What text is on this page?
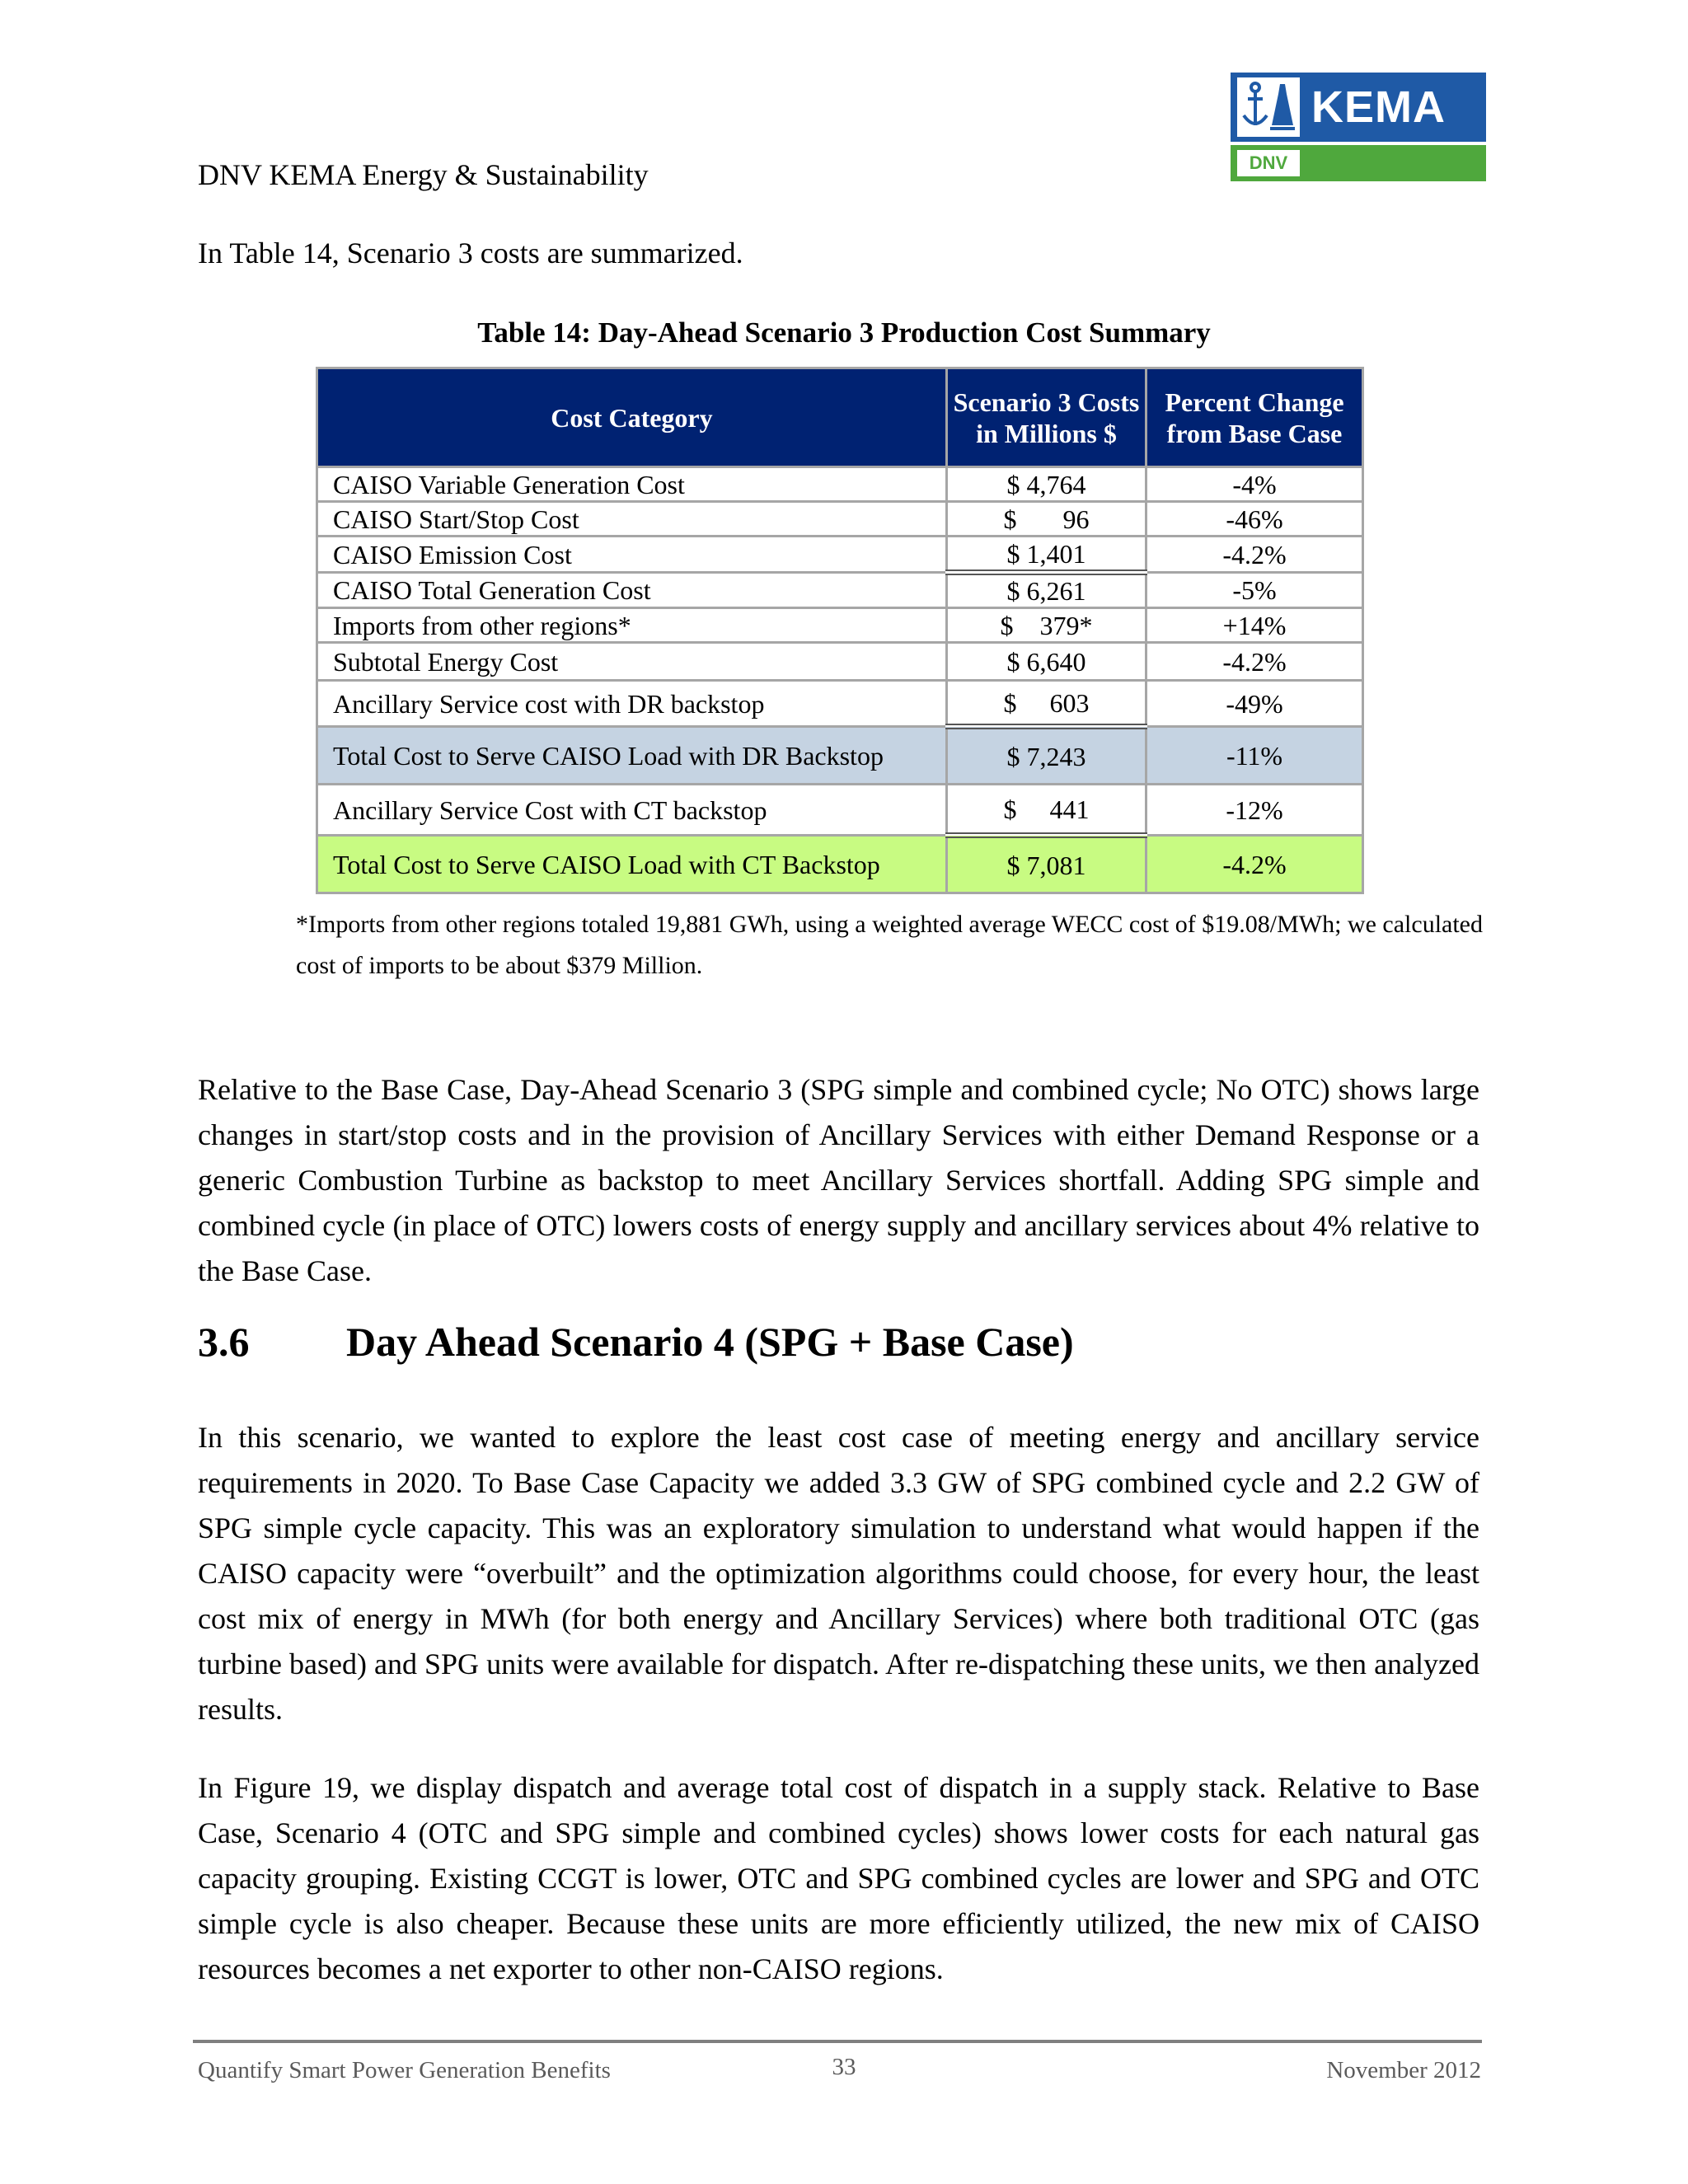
DNV KEMA Energy & Sustainability
KEMA
DNV
In Table 14, Scenario 3 costs are summarized.
Table 14: Day-Ahead Scenario 3 Production Cost Summary
Cost Category	Scenario 3 Costs in Millions $	Percent Change from Base Case
CAISO Variable Generation Cost	$ 4,764	-4%
CAISO Start/Stop Cost	$       96	-46%
CAISO Emission Cost	$ 1,401	-4.2%
CAISO Total Generation Cost	$ 6,261	-5%
Imports from other regions*	$    379*	+14%
Subtotal Energy Cost	$ 6,640	-4.2%
Ancillary Service cost with DR backstop	$     603	-49%
Total Cost to Serve CAISO Load with DR Backstop	$ 7,243	-11%
Ancillary Service Cost with CT backstop	$     441	-12%
Total Cost to Serve CAISO Load with CT Backstop	$ 7,081	-4.2%
*Imports from other regions totaled 19,881 GWh, using a weighted average WECC cost of $19.08/MWh; we calculated cost of imports to be about $379 Million.
Relative to the Base Case, Day-Ahead Scenario 3 (SPG simple and combined cycle; No OTC) shows large changes in start/stop costs and in the provision of Ancillary Services with either Demand Response or a generic Combustion Turbine as backstop to meet Ancillary Services shortfall. Adding SPG simple and combined cycle (in place of OTC) lowers costs of energy supply and ancillary services about 4% relative to the Base Case.
3.6 Day Ahead Scenario 4 (SPG + Base Case)
In this scenario, we wanted to explore the least cost case of meeting energy and ancillary service requirements in 2020. To Base Case Capacity we added 3.3 GW of SPG combined cycle and 2.2 GW of SPG simple cycle capacity. This was an exploratory simulation to understand what would happen if the CAISO capacity were “overbuilt” and the optimization algorithms could choose, for every hour, the least cost mix of energy in MWh (for both energy and Ancillary Services) where both traditional OTC (gas turbine based) and SPG units were available for dispatch. After re-dispatching these units, we then analyzed results.
In Figure 19, we display dispatch and average total cost of dispatch in a supply stack. Relative to Base Case, Scenario 4 (OTC and SPG simple and combined cycles) shows lower costs for each natural gas capacity grouping. Existing CCGT is lower, OTC and SPG combined cycles are lower and SPG and OTC simple cycle is also cheaper. Because these units are more efficiently utilized, the new mix of CAISO resources becomes a net exporter to other non-CAISO regions.
Quantify Smart Power Generation Benefits	33	November 2012
